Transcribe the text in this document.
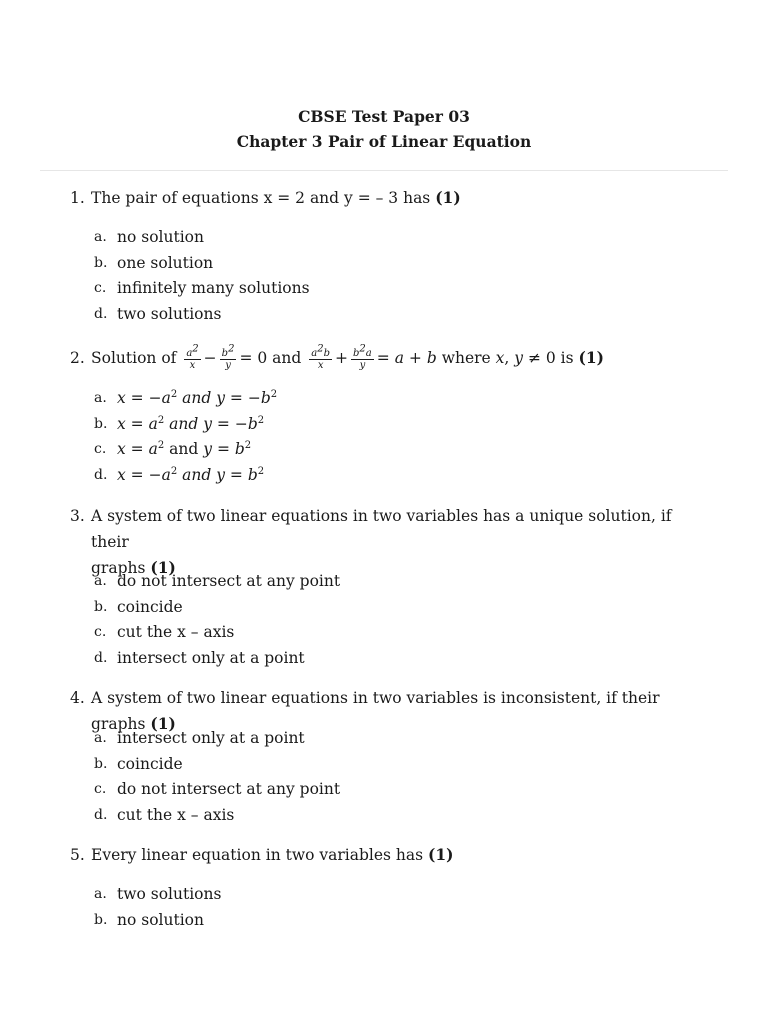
CBSE Test Paper 03
Chapter 3 Pair of Linear Equation
1. The pair of equations x = 2 and y = – 3 has (1)
a. no solution
b. one solution
c. infinitely many solutions
d. two solutions
2. Solution of $\frac{a^2}{x} - \frac{b^2}{y} = 0$ and $\frac{a^2b}{x} + \frac{b^2a}{y} = a + b$ where x, y ≠ 0 is (1)
a. $x = -a^2$ and $y = -b^2$
b. $x = a^2$ and $y = -b^2$
c. $x = a^2$ and $y = b^2$
d. $x = -a^2$ and $y = b^2$
3. A system of two linear equations in two variables has a unique solution, if their
graphs (1)
a. do not intersect at any point
b. coincide
c. cut the x – axis
d. intersect only at a point
4. A system of two linear equations in two variables is inconsistent, if their graphs (1)
a. intersect only at a point
b. coincide
c. do not intersect at any point
d. cut the x – axis
5. Every linear equation in two variables has (1)
a. two solutions
b. no solution
